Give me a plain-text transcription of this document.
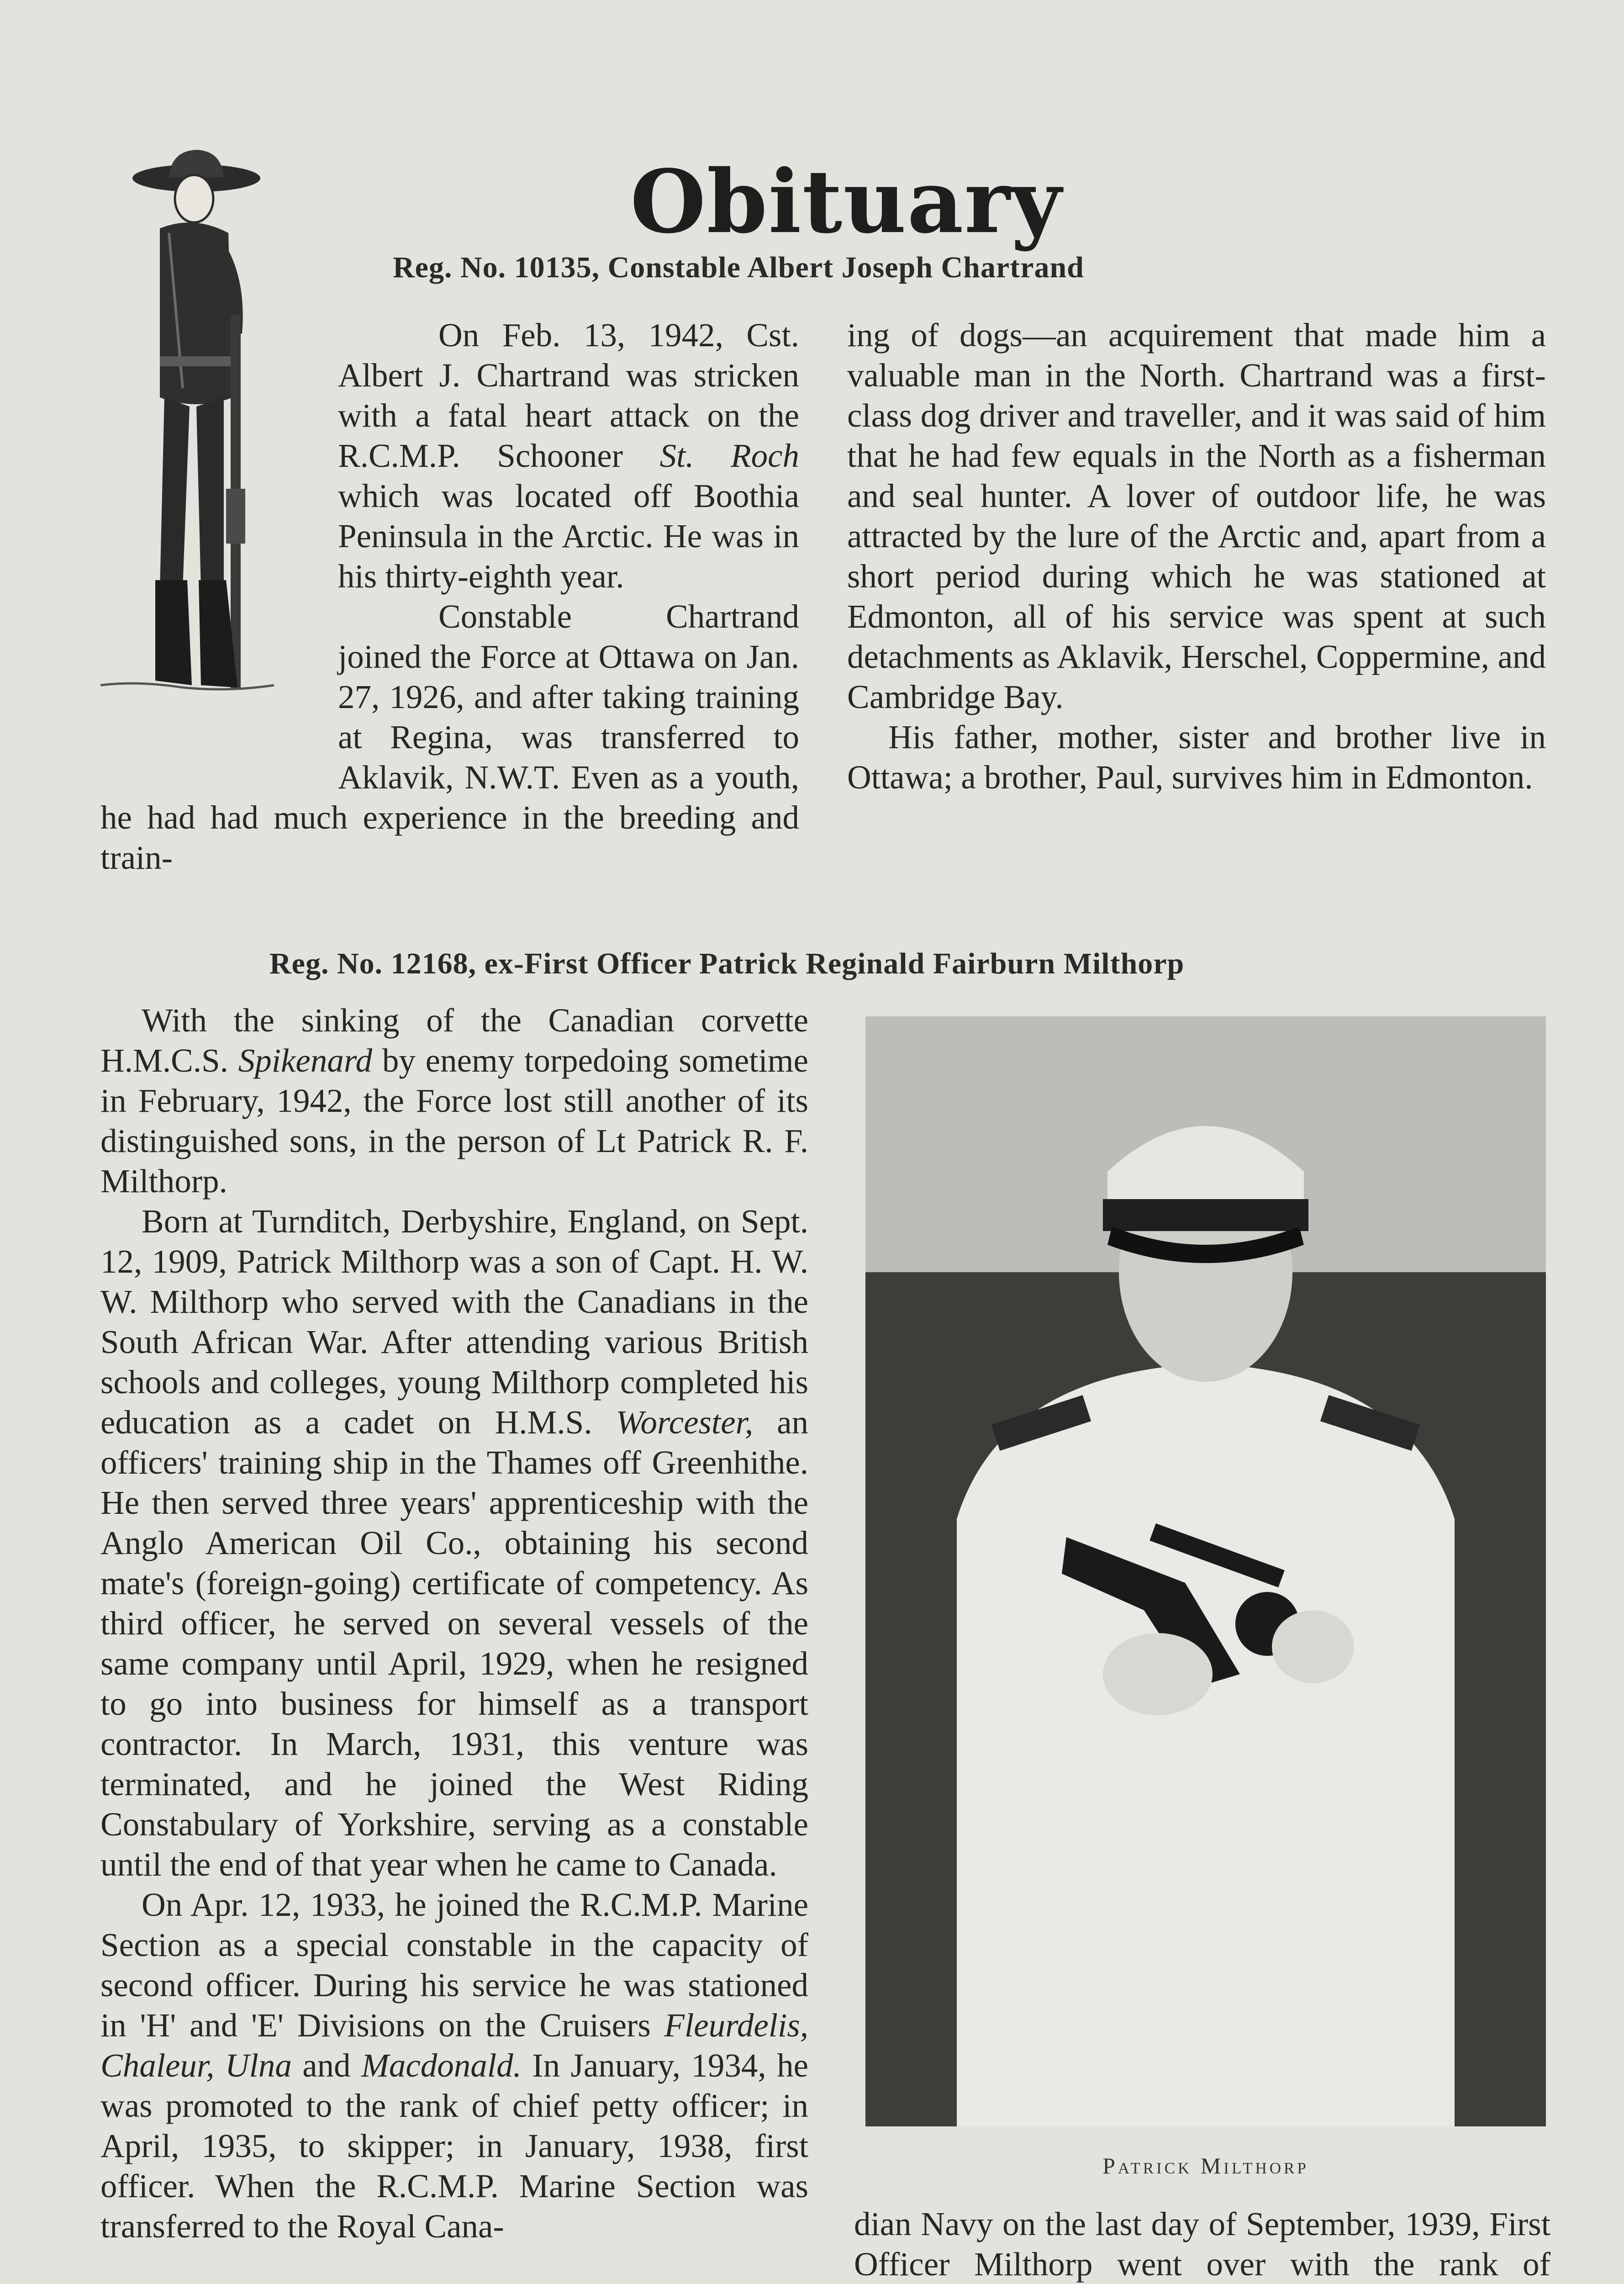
Obituary
Reg. No. 10135, Constable Albert Joseph Chartrand

On Feb. 13, 1942, Cst. Albert J. Chartrand was stricken with a fatal heart attack on the R.C.M.P. Schooner St. Roch which was located off Boothia Peninsula in the Arctic. He was in his thirty-eighth year.

Constable Chartrand joined the Force at Ottawa on Jan. 27, 1926, and after taking training at Regina, was transferred to Aklavik, N.W.T. Even as a youth, he had had much experience in the breeding and train-

ing of dogs—an acquirement that made him a valuable man in the North. Chartrand was a first-class dog driver and traveller, and it was said of him that he had few equals in the North as a fisherman and seal hunter. A lover of outdoor life, he was attracted by the lure of the Arctic and, apart from a short period during which he was stationed at Edmonton, all of his service was spent at such detachments as Aklavik, Herschel, Coppermine, and Cambridge Bay.

His father, mother, sister and brother live in Ottawa; a brother, Paul, survives him in Edmonton.

Reg. No. 12168, ex-First Officer Patrick Reginald Fairburn Milthorp

With the sinking of the Canadian corvette H.M.C.S. Spikenard by enemy torpedoing sometime in February, 1942, the Force lost still another of its distinguished sons, in the person of Lt Patrick R. F. Milthorp.

Born at Turnditch, Derbyshire, England, on Sept. 12, 1909, Patrick Milthorp was a son of Capt. H. W. W. Milthorp who served with the Canadians in the South African War. After attending various British schools and colleges, young Milthorp completed his education as a cadet on H.M.S. Worcester, an officers' training ship in the Thames off Greenhithe. He then served three years' apprenticeship with the Anglo American Oil Co., obtaining his second mate's (foreign-going) certificate of competency. As third officer, he served on several vessels of the same company until April, 1929, when he resigned to go into business for himself as a transport contractor. In March, 1931, this venture was terminated, and he joined the West Riding Constabulary of Yorkshire, serving as a constable until the end of that year when he came to Canada.

On Apr. 12, 1933, he joined the R.C.M.P. Marine Section as a special constable in the capacity of second officer. During his service he was stationed in 'H' and 'E' Divisions on the Cruisers Fleurdelis, Chaleur, Ulna and Macdonald. In January, 1934, he was promoted to the rank of chief petty officer; in April, 1935, to skipper; in January, 1938, first officer. When the R.C.M.P. Marine Section was transferred to the Royal Cana-

Patrick Milthorp

dian Navy on the last day of September, 1939, First Officer Milthorp went over with the rank of
